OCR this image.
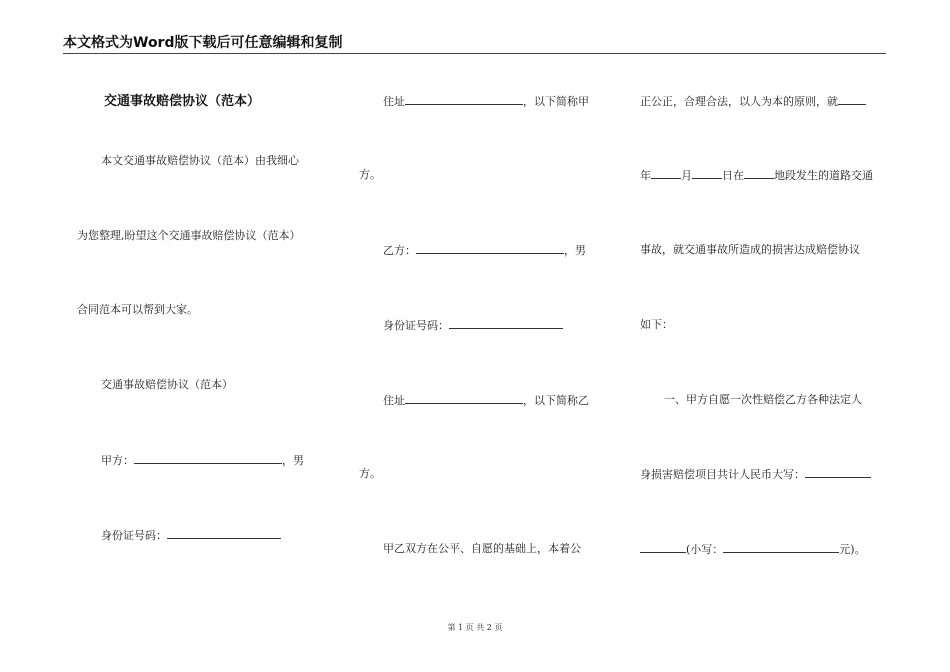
本文格式为Word版下载后可任意编辑和复制
交通事故赔偿协议（范本）
本文交通事故赔偿协议（范本）由我细心
为您整理,盼望这个交通事故赔偿协议（范本）
合同范本可以帮到大家。
交通事故赔偿协议（范本）
甲方：	，男
身份证号码：
住址	，以下简称甲
方。
乙方：	，男
身份证号码：
住址	，以下简称乙
方。
甲乙双方在公平、自愿的基础上，本着公
正公正，合理合法，以人为本的原则，就
年	月	日在	地段发生的道路交通
事故，就交通事故所造成的损害达成赔偿协议
如下：
一、甲方自愿一次性赔偿乙方各种法定人
身损害赔偿项目共计人民币大写：
(小写：	元)。
第 1 页 共 2 页
